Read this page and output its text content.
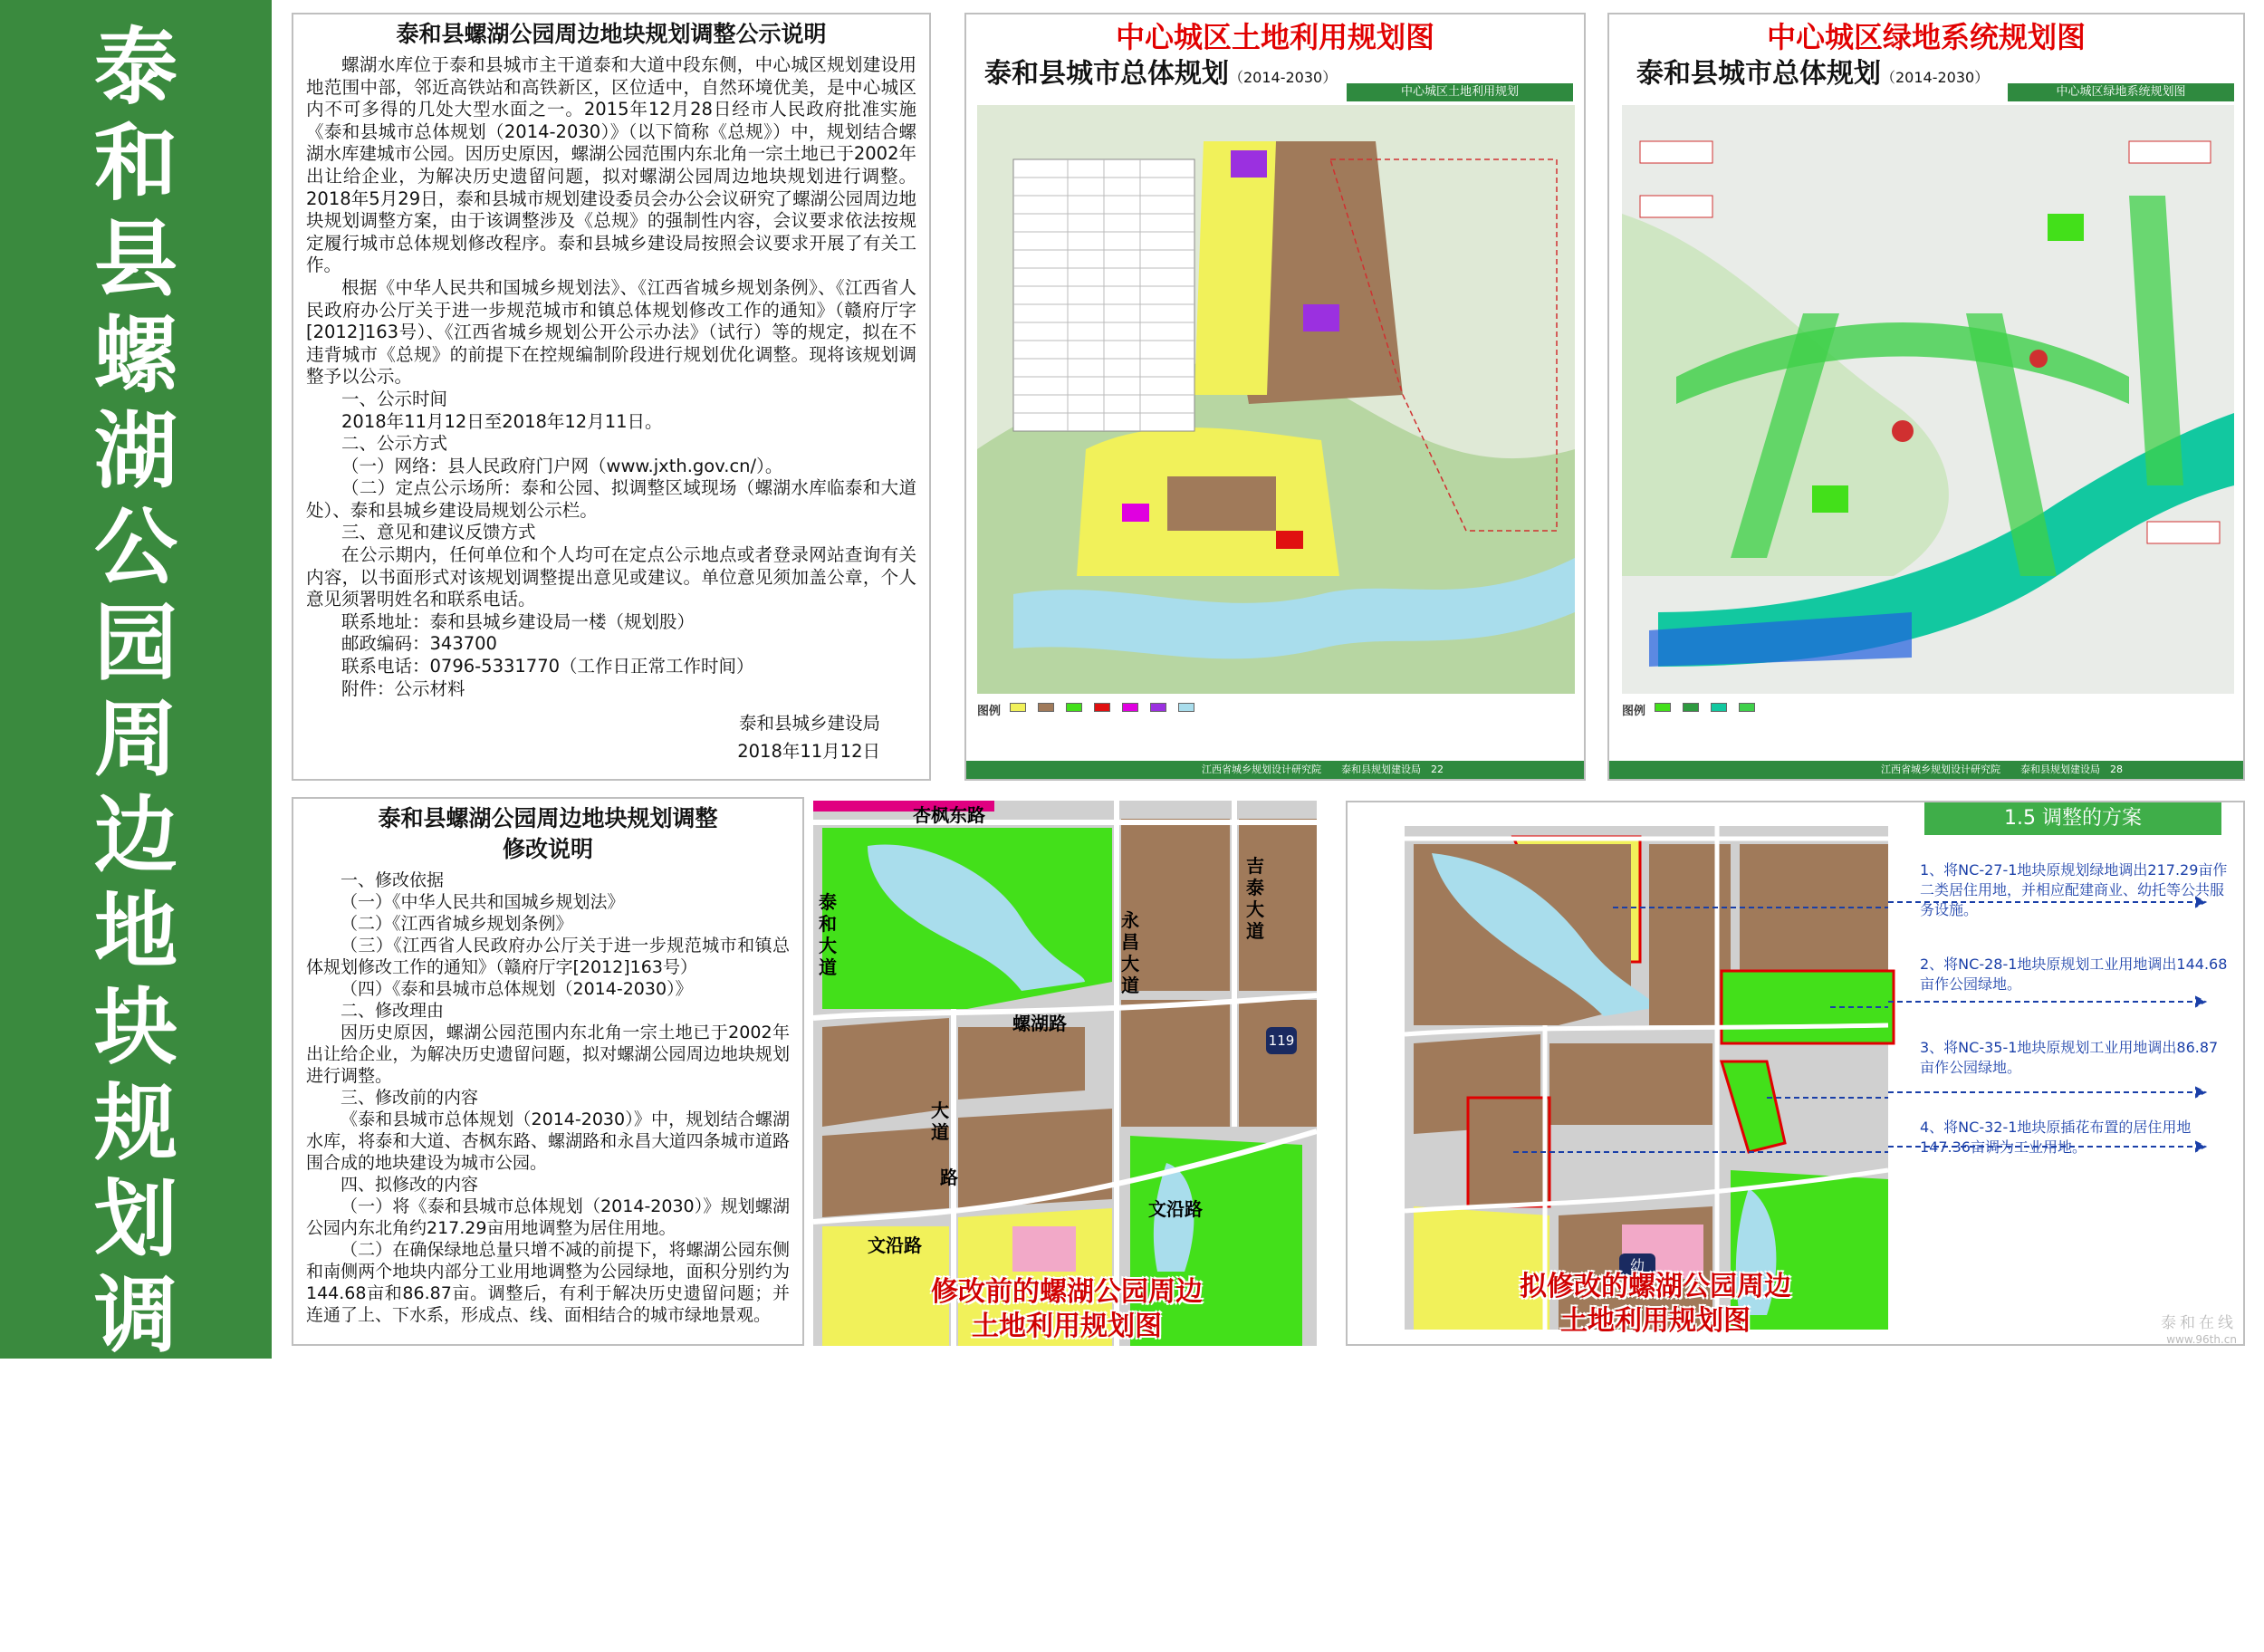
泰
和
县
螺
湖
公
园
周
边
地
块
规
划
调
整
公
示
泰和县螺湖公园周边地块规划调整公示说明

螺湖水库位于泰和县城市主干道泰和大道中段东侧，中心城区规划建设用地范围中部，邻近高铁站和高铁新区，区位适中，自然环境优美，是中心城区内不可多得的几处大型水面之一。2015年12月28日经市人民政府批准实施《泰和县城市总体规划（2014-2030）》（以下简称《总规》）中，规划结合螺湖水库建城市公园。因历史原因，螺湖公园范围内东北角一宗土地已于2002年出让给企业，为解决历史遗留问题，拟对螺湖公园周边地块规划进行调整。2018年5月29日，泰和县城市规划建设委员会办公会议研究了螺湖公园周边地块规划调整方案，由于该调整涉及《总规》的强制性内容，会议要求依法按规定履行城市总体规划修改程序。泰和县城乡建设局按照会议要求开展了有关工作。

根据《中华人民共和国城乡规划法》、《江西省城乡规划条例》、《江西省人民政府办公厅关于进一步规范城市和镇总体规划修改工作的通知》（赣府厅字[2012]163号）、《江西省城乡规划公开公示办法》（试行）等的规定，拟在不违背城市《总规》的前提下在控规编制阶段进行规划优化调整。现将该规划调整予以公示。

一、公示时间
2018年11月12日至2018年12月11日。
二、公示方式
（一）网络：县人民政府门户网（www.jxth.gov.cn/）。

（二）定点公示场所：泰和公园、拟调整区域现场（螺湖水库临泰和大道处）、泰和县城乡建设局规划公示栏。

三、意见和建议反馈方式

在公示期内，任何单位和个人均可在定点公示地点或者登录网站查询有关内容，以书面形式对该规划调整提出意见或建议。单位意见须加盖公章，个人意见须署明姓名和联系电话。

联系地址：泰和县城乡建设局一楼（规划股）
邮政编码：343700
联系电话：0796-5331770（工作日正常工作时间）
附件：公示材料
泰和县城乡建设局
2018年11月12日
泰和县螺湖公园周边地块规划调整
修改说明
一、修改依据
（一）《中华人民共和国城乡规划法》
（二）《江西省城乡规划条例》

（三）《江西省人民政府办公厅关于进一步规范城市和镇总体规划修改工作的通知》（赣府厅字[2012]163号）

（四）《泰和县城市总体规划（2014-2030）》
二、修改理由

因历史原因，螺湖公园范围内东北角一宗土地已于2002年出让给企业，为解决历史遗留问题，拟对螺湖公园周边地块规划进行调整。

三、修改前的内容

《泰和县城市总体规划（2014-2030）》中，规划结合螺湖水库，将泰和大道、杏枫东路、螺湖路和永昌大道四条城市道路围合成的地块建设为城市公园。

四、拟修改的内容

（一）将《泰和县城市总体规划（2014-2030）》规划螺湖公园内东北角约217.29亩用地调整为居住用地。

（二）在确保绿地总量只增不减的前提下，将螺湖公园东侧和南侧两个地块内部分工业用地调整为公园绿地，面积分别约为144.68亩和86.87亩。调整后，有利于解决历史遗留问题；并连通了上、下水系，形成点、线、面相结合的城市绿地景观。

中心城区土地利用规划图
泰和县城市总体规划（2014-2030）
中心城区土地利用规划
图例
江西省城乡规划设计研究院　　泰和县规划建设局　 22
中心城区绿地系统规划图
泰和县城市总体规划（2014-2030）
中心城区绿地系统规划图
图例
江西省城乡规划设计研究院　　泰和县规划建设局　 28
杏枫东路
吉泰大道
永昌大道
泰和大道
螺湖路
大道
路
文沿路
文沿路
119
修改前的螺湖公园周边
土地利用规划图
幼
1.5 调整的方案
拟修改的螺湖公园周边
土地利用规划图
1、将NC-27-1地块原规划绿地调出217.29亩作二类居住用地，并相应配建商业、幼托等公共服务设施。
2、将NC-28-1地块原规划工业用地调出144.68亩作公园绿地。
3、将NC-35-1地块原规划工业用地调出86.87亩作公园绿地。
4、将NC-32-1地块原插花布置的居住用地147.36亩调为工业用地。
泰和在线
www.96th.cn
